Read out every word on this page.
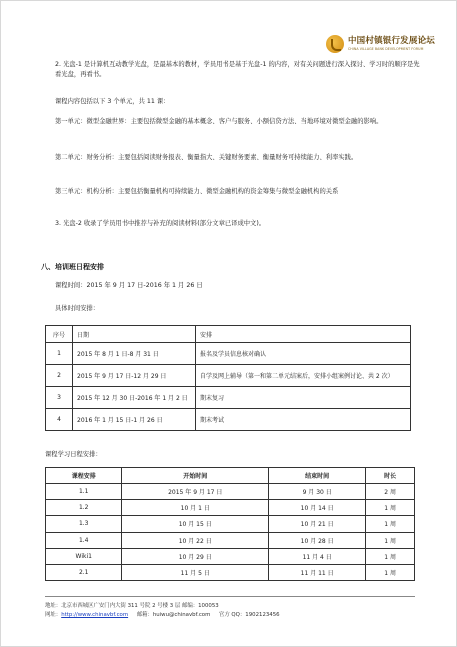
中国村镇银行发展论坛
CHINA VILLAGE BANK DEVELOPMENT FORUM
2. 光盘-1 是计算机互动教学光盘，是最基本的教材，学员用书是基于光盘-1 的内容，对有关问题进行深入探讨、学习时的顺序是先看光盘，再看书。
课程内容包括以下 3 个单元，共 11 课：
第一单元：微型金融世界：主要包括微型金融的基本概念、客户与服务、小额信贷方法、当地环境对微型金融的影响。
第二单元：财务分析：主要包括阅读财务报表、衡量指大、关键财务要素、衡量财务可持续能力、利率实践。
第三单元：机构分析：主要包括衡量机构可持续能力、微型金融机构的资金筹集与微型金融机构的关系
3. 光盘-2 收录了学员用书中推荐与补充的阅读材料(部分文章已译成中文)。
八、培训班日程安排
课程时间：2015 年 9 月 17 日-2016 年 1 月 26 日
具体时间安排：
序号	日期	安排
1	2015 年 8 月 1 日-8 月 31 日	报名及学员信息核对确认
2	2015 年 9 月 17 日-12 月 29 日	自学及网上辅导（第一和第二单元结案后，安排小组案例讨论、共 2 次）
3	2015 年 12 月 30 日-2016 年 1 月 2 日	期末复习
4	2016 年 1 月 15 日-1 月 26 日	期末考试
课程学习日程安排：
课程安排	开始时间	结束时间	时长
1.1	2015 年 9 月 17 日	9 月 30 日	2 周
1.2	10 月 1 日	10 月 14 日	1 周
1.3	10 月 15 日	10 月 21 日	1 周
1.4	10 月 22 日	10 月 28 日	1 周
Wiki1	10 月 29 日	11 月 4 日	1 周
2.1	11 月 5 日	11 月 11 日	1 周
地址：北京市西城区广安门内大街 311 号院 2 号楼 3 层 邮编：100053
网址：http://www.chinavbf.com 邮箱：huiwu@chinavbf.com 官方 QQ：1902123456
